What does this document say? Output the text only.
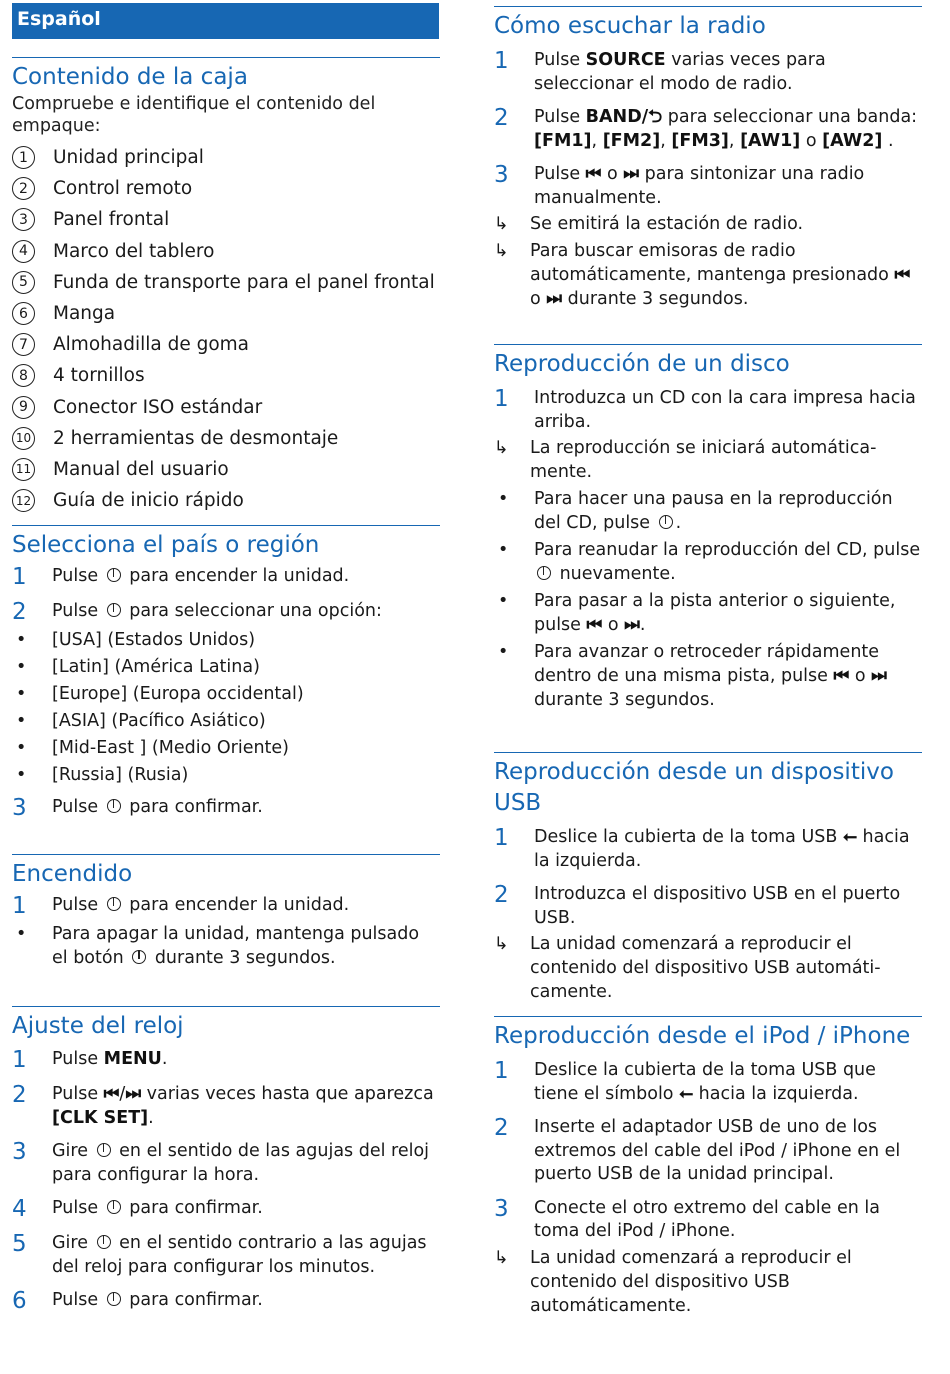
Español
Contenido de la caja

Compruebe e identifique el contenido del empaque:

1	Unidad principal
2	Control remoto
3	Panel frontal
4	Marco del tablero
5	Funda de transporte para el panel frontal
6	Manga
7	Almohadilla de goma
8	4 tornillos
9	Conector ISO estándar
10 2 herramientas de desmontaje
11 Manual del usuario
12 Guía de inicio rápido
Selecciona el país o región
1	Pulse para encender la unidad.
2	Pulse para seleccionar una opción:
•	[USA] (Estados Unidos)
•	[Latin] (América Latina)
•	[Europe] (Europa occidental)
•	[ASIA] (Pacífico Asiático)
•	[Mid-East ] (Medio Oriente)
•	[Russia] (Rusia)
3	Pulse para confirmar.
Encendido
1	Pulse para encender la unidad.
•	Para apagar la unidad, mantenga pulsado el botón durante 3 segundos.
Ajuste del reloj
1	Pulse MENU.
2	Pulse ⏮/⏭ varias veces hasta que aparezca [CLK SET].
3	Gire en el sentido de las agujas del reloj para configurar la hora.
4	Pulse para confirmar.
5	Gire en el sentido contrario a las agujas del reloj para configurar los minutos.
6	Pulse para confirmar.
Cómo escuchar la radio
1	Pulse SOURCE varias veces para seleccionar el modo de radio.
2	Pulse BAND/⮌ para seleccionar una banda: [FM1], [FM2], [FM3], [AW1] o [AW2] .
3	Pulse ⏮ o ⏭ para sintonizar una radio manualmente.
↳	Se emitirá la estación de radio.
↳	Para buscar emisoras de radio automáticamente, mantenga presionado ⏮ o ⏭ durante 3 segundos.
Reproducción de un disco
1	Introduzca un CD con la cara impresa hacia arriba.
↳	La reproducción se iniciará automática-mente.
•	Para hacer una pausa en la reproducción del CD, pulse .
•	Para reanudar la reproducción del CD, pulse  nuevamente.
•	Para pasar a la pista anterior o siguiente, pulse ⏮ o ⏭.
•	Para avanzar o retroceder rápidamente dentro de una misma pista, pulse ⏮ o ⏭ durante 3 segundos.
Reproducción desde un dispositivo USB
1	Deslice la cubierta de la toma USB ⭠ hacia la izquierda.
2	Introduzca el dispositivo USB en el puerto USB.
↳	La unidad comenzará a reproducir el contenido del dispositivo USB automáti-camente.
Reproducción desde el iPod / iPhone
1	Deslice la cubierta de la toma USB que tiene el símbolo ⭠ hacia la izquierda.
2	Inserte el adaptador USB de uno de los extremos del cable del iPod / iPhone en el puerto USB de la unidad principal.
3	Conecte el otro extremo del cable en la toma del iPod / iPhone.
↳	La unidad comenzará a reproducir el contenido del dispositivo USB automáticamente.
